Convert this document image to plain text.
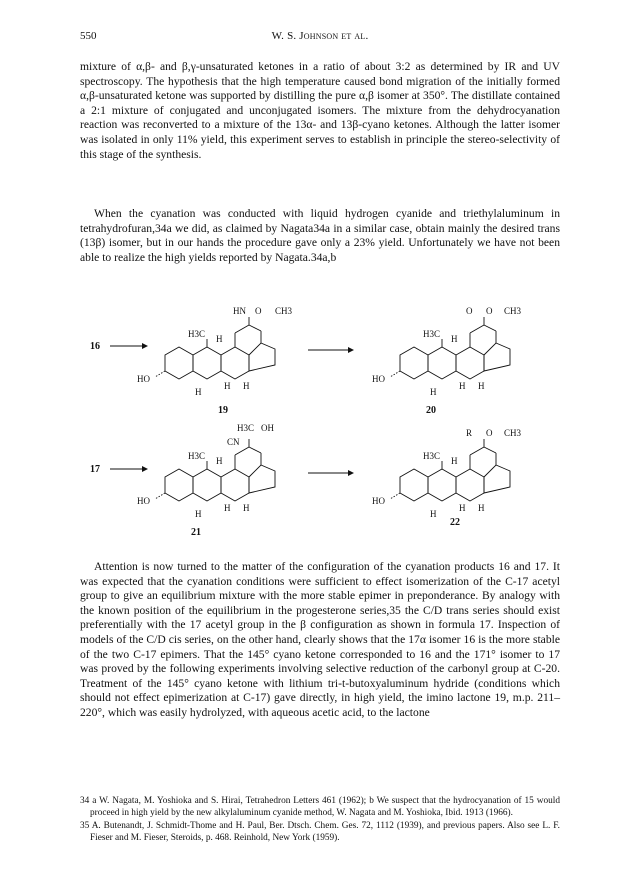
550	W. S. Johnson et al.

mixture of α,β- and β,γ-unsaturated ketones in a ratio of about 3:2 as determined by IR and UV spectroscopy. The hypothesis that the high temperature caused bond migration of the initially formed α,β-unsaturated ketone was supported by distilling the pure α,β isomer at 350°. The distillate contained a 2:1 mixture of conjugated and unconjugated isomers. The mixture from the dehydrocyanation reaction was reconverted to a mixture of the 13α- and 13β-cyano ketones. Although the latter isomer was isolated in only 11% yield, this experiment serves to establish in principle the stereo-selectivity of this stage of the synthesis.

When the cyanation was conducted with liquid hydrogen cyanide and triethylaluminum in tetrahydrofuran,34a we did, as claimed by Nagata34a in a similar case, obtain mainly the desired trans (13β) isomer, but in our hands the procedure gave only a 23% yield. Unfortunately we have not been able to realize the high yields reported by Nagata.34a,b

16
H3C H
H H
H
HO
HN O CH3
19
H3C H
H H
H
HO
O O CH3
20
17
H3C H
H H
H
HO
CN
H3C OH
21
H3C H
H H
H
HO
R O CH3
22

Attention is now turned to the matter of the configuration of the cyanation products 16 and 17. It was expected that the cyanation conditions were sufficient to effect isomerization of the C-17 acetyl group to give an equilibrium mixture with the more stable epimer in preponderance. By analogy with the known position of the equilibrium in the progesterone series,35 the C/D trans series should exist preferentially with the 17 acetyl group in the β configuration as shown in formula 17. Inspection of models of the C/D cis series, on the other hand, clearly shows that the 17α isomer 16 is the more stable of the two C-17 epimers. That the 145° cyano ketone corresponded to 16 and the 171° isomer to 17 was proved by the following experiments involving selective reduction of the carbonyl group at C-20. Treatment of the 145° cyano ketone with lithium tri-t-butoxyaluminum hydride (conditions which should not effect epimerization at C-17) gave directly, in high yield, the imino lactone 19, m.p. 211–220°, which was easily hydrolyzed, with aqueous acetic acid, to the lactone

34 a W. Nagata, M. Yoshioka and S. Hirai, Tetrahedron Letters 461 (1962); b We suspect that the hydrocyanation of 15 would proceed in high yield by the new alkylaluminum cyanide method, W. Nagata and M. Yoshioka, Ibid. 1913 (1966).

35 A. Butenandt, J. Schmidt-Thome and H. Paul, Ber. Dtsch. Chem. Ges. 72, 1112 (1939), and previous papers. Also see L. F. Fieser and M. Fieser, Steroids, p. 468. Reinhold, New York (1959).
